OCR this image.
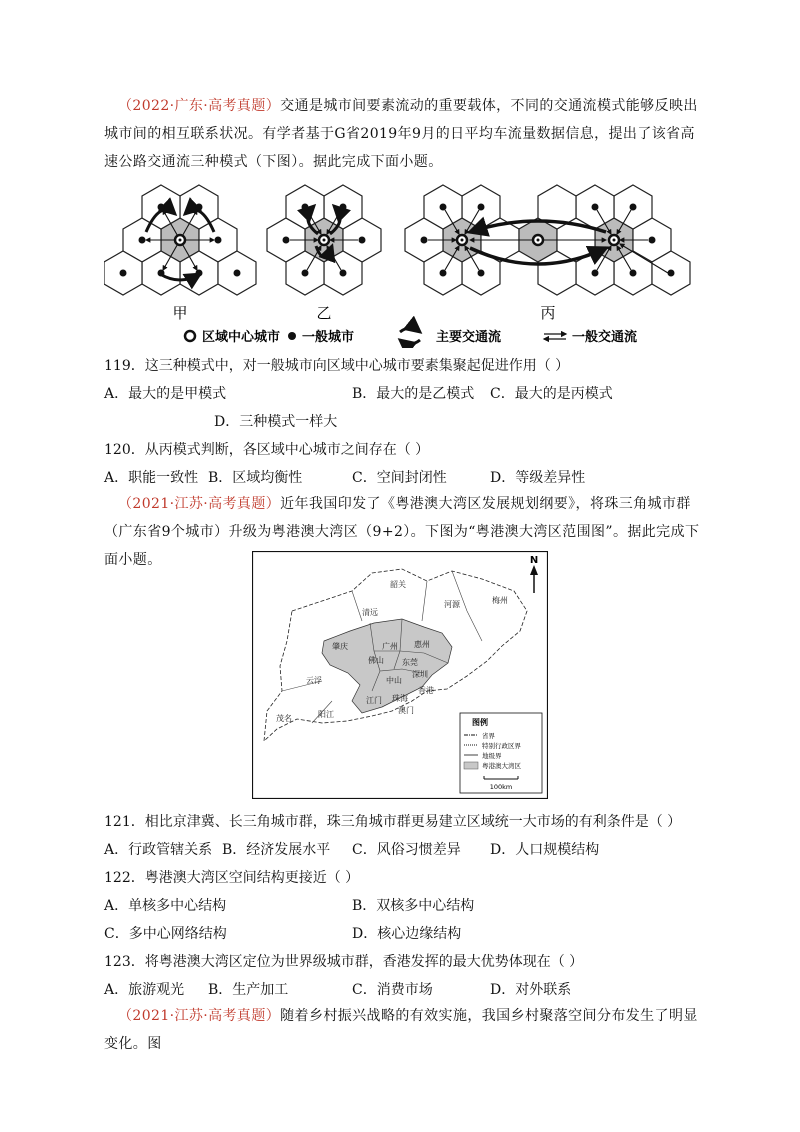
（2022·广东·高考真题）交通是城市间要素流动的重要载体，不同的交通流模式能够反映出城市间的相互联系状况。有学者基于G省2019年9月的日平均车流量数据信息，提出了该省高速公路交通流三种模式（下图）。据此完成下面小题。
甲	乙	丙
区域中心城市 一般城市	主要交通流	一般交通流
119．这三种模式中，对一般城市向区域中心城市要素集聚起促进作用（ ）
A．最大的是甲模式	B．最大的是乙模式 C．最大的是丙模式
D．三种模式一样大
120．从丙模式判断，各区域中心城市之间存在（ ）
A．职能一致性 B．区域均衡性	C．空间封闭性	D．等级差异性
（2021·江苏·高考真题）近年我国印发了《粤港澳大湾区发展规划纲要》，将珠三角城市群（广东省9个城市）升级为粤港澳大湾区（9+2）。下图为“粤港澳大湾区范围图”。据此完成下面小题。	N
韶关
清远
河源	梅州
肇庆	广州 惠州
佛山 东莞
深圳
中山
香港
江门 珠海
澳门
阳江
茂名
云浮
图例
省界
特别行政区界
地级界
粤港澳大湾区
100km
121．相比京津冀、长三角城市群，珠三角城市群更易建立区域统一大市场的有利条件是（ ）
A．行政管辖关系 B．经济发展水平 C．风俗习惯差异 D．人口规模结构
122．粤港澳大湾区空间结构更接近（ ）
A．单核多中心结构	B．双核多中心结构
C．多中心网络结构	D．核心边缘结构
123．将粤港澳大湾区定位为世界级城市群，香港发挥的最大优势体现在（ ）
A．旅游观光 B．生产加工	C．消费市场	D．对外联系
（2021·江苏·高考真题）随着乡村振兴战略的有效实施，我国乡村聚落空间分布发生了明显变化。图
